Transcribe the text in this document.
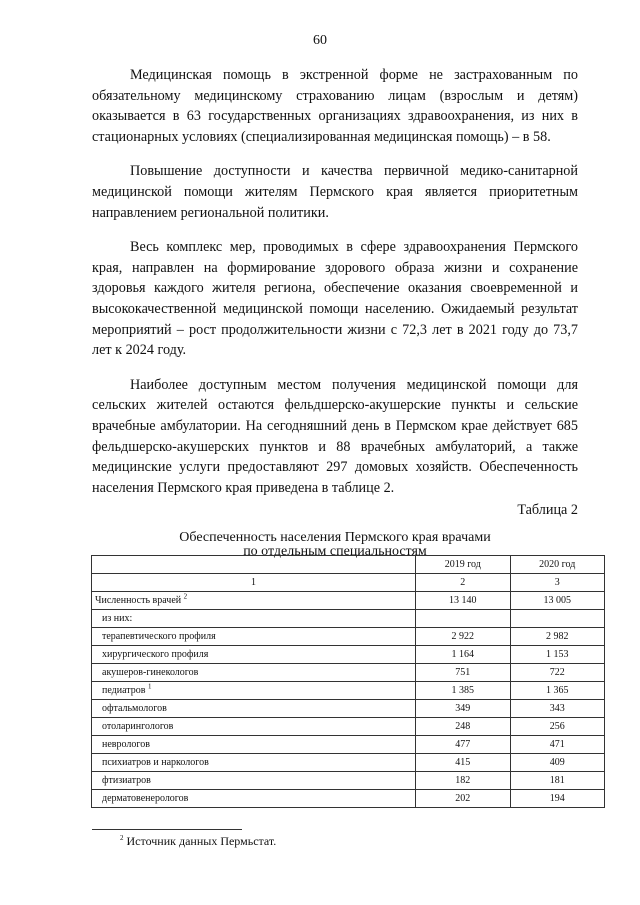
60

Медицинская помощь в экстренной форме не застрахованным по обязательному медицинскому страхованию лицам (взрослым и детям) оказывается в 63 государственных организациях здравоохранения, из них в стационарных условиях (специализированная медицинская помощь) – в 58.

Повышение доступности и качества первичной медико-санитарной медицинской помощи жителям Пермского края является приоритетным направлением региональной политики.

Весь комплекс мер, проводимых в сфере здравоохранения Пермского края, направлен на формирование здорового образа жизни и сохранение здоровья каждого жителя региона, обеспечение оказания своевременной и высококачественной медицинской помощи населению. Ожидаемый результат мероприятий – рост продолжительности жизни с 72,3 лет в 2021 году до 73,7 лет к 2024 году.

Наиболее доступным местом получения медицинской помощи для сельских жителей остаются фельдшерско-акушерские пункты и сельские врачебные амбулатории. На сегодняшний день в Пермском крае действует 685 фельдшерско-акушерских пунктов и 88 врачебных амбулаторий, а также медицинские услуги предоставляют 297 домовых хозяйств. Обеспеченность населения Пермского края приведена в таблице 2.

Таблица 2
Обеспеченность населения Пермского края врачами
по отдельным специальностям
	2019 год	2020 год
1	2	3
Численность врачей $^2$	13 140	13 005
из них:		
терапевтического профиля	2 922	2 982
хирургического профиля	1 164	1 153
акушеров-гинекологов	751	722
педиатров $^1$	1 385	1 365
офтальмологов	349	343
отоларингологов	248	256
неврологов	477	471
психиатров и наркологов	415	409
фтизиатров	182	181
дерматовенерологов	202	194
$^2$ Источник данных Пермьстат.
